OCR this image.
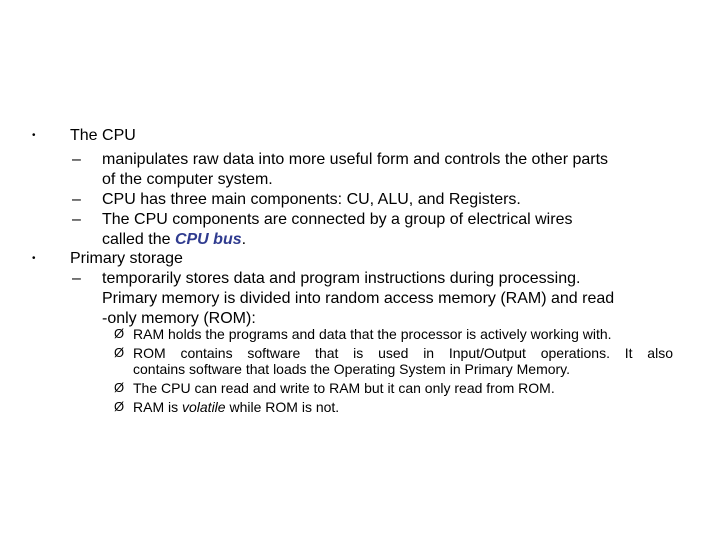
• The CPU
– manipulates raw data into more useful form and controls the other parts
of the computer system.
– CPU has three main components: CU, ALU, and Registers.
– The CPU components are connected by a group of electrical wires
called the CPU bus.
• Primary storage
– temporarily stores data and program instructions during processing.
Primary memory is divided into random access memory (RAM) and read
-only memory (ROM):
Ø RAM holds the programs and data that the processor is actively working with.
Ø ROM contains software that is used in Input/Output operations. It also
contains software that loads the Operating System in Primary Memory.
Ø The CPU can read and write to RAM but it can only read from ROM.
Ø RAM is volatile while ROM is not.
